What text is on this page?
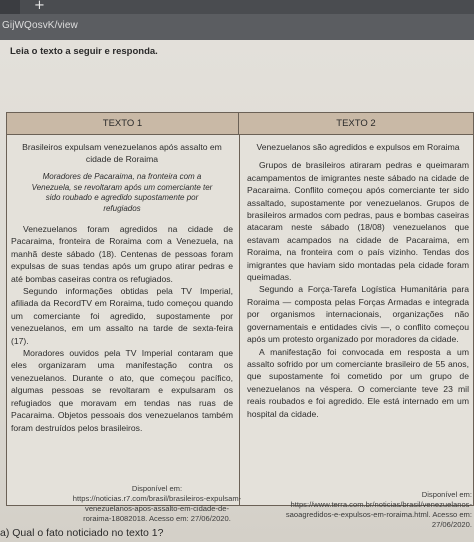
+
GijWQosvK/view
Leia o texto a seguir e responda.
TEXTO 1	TEXTO 2
Brasileiros expulsam venezuelanos após assalto em cidade de Roraima
Moradores de Pacaraima, na fronteira com a Venezuela, se revoltaram após um comerciante ter sido roubado e agredido supostamente por refugiados

Venezuelanos foram agredidos na cidade de Pacaraima, fronteira de Roraima com a Venezuela, na manhã deste sábado (18). Centenas de pessoas foram expulsas de suas tendas após um grupo atirar pedras e até bombas caseiras contra os refugiados.

Segundo informações obtidas pela TV Imperial, afiliada da RecordTV em Roraima, tudo começou quando um comerciante foi agredido, supostamente por venezuelanos, em um assalto na tarde de sexta-feira (17).

Moradores ouvidos pela TV Imperial contaram que eles organizaram uma manifestação contra os venezuelanos. Durante o ato, que começou pacífico, algumas pessoas se revoltaram e expulsaram os refugiados que moravam em tendas nas ruas de Pacaraima. Objetos pessoais dos venezuelanos também foram destruídos pelos brasileiros.

Venezuelanos são agredidos e expulsos em Roraima

Grupos de brasileiros atiraram pedras e queimaram acampamentos de imigrantes neste sábado na cidade de Pacaraima. Conflito começou após comerciante ter sido assaltado, supostamente por venezuelanos. Grupos de brasileiros armados com pedras, paus e bombas caseiras atacaram neste sábado (18/08) venezuelanos que estavam acampados na cidade de Pacaraima, em Roraima, na fronteira com o país vizinho. Tendas dos imigrantes que haviam sido montadas pela cidade foram queimadas.

Segundo a Força-Tarefa Logística Humanitária para Roraima — composta pelas Forças Armadas e integrada por organismos internacionais, organizações não governamentais e entidades civis —, o conflito começou após um protesto organizado por moradores da cidade.

A manifestação foi convocada em resposta a um assalto sofrido por um comerciante brasileiro de 55 anos, que supostamente foi cometido por um grupo de venezuelanos na véspera. O comerciante teve 23 mil reais roubados e foi agredido. Ele está internado em um hospital da cidade.

Disponível em: https://noticias.r7.com/brasil/brasileiros-expulsam-venezuelanos-apos-assalto-em-cidade-de-roraima-18082018. Acesso em: 27/06/2020.
Disponível em: https://www.terra.com.br/noticias/brasil/venezuelanos-saoagredidos-e-expulsos-em-roraima.html. Acesso em: 27/06/2020.
a) Qual o fato noticiado no texto 1?
